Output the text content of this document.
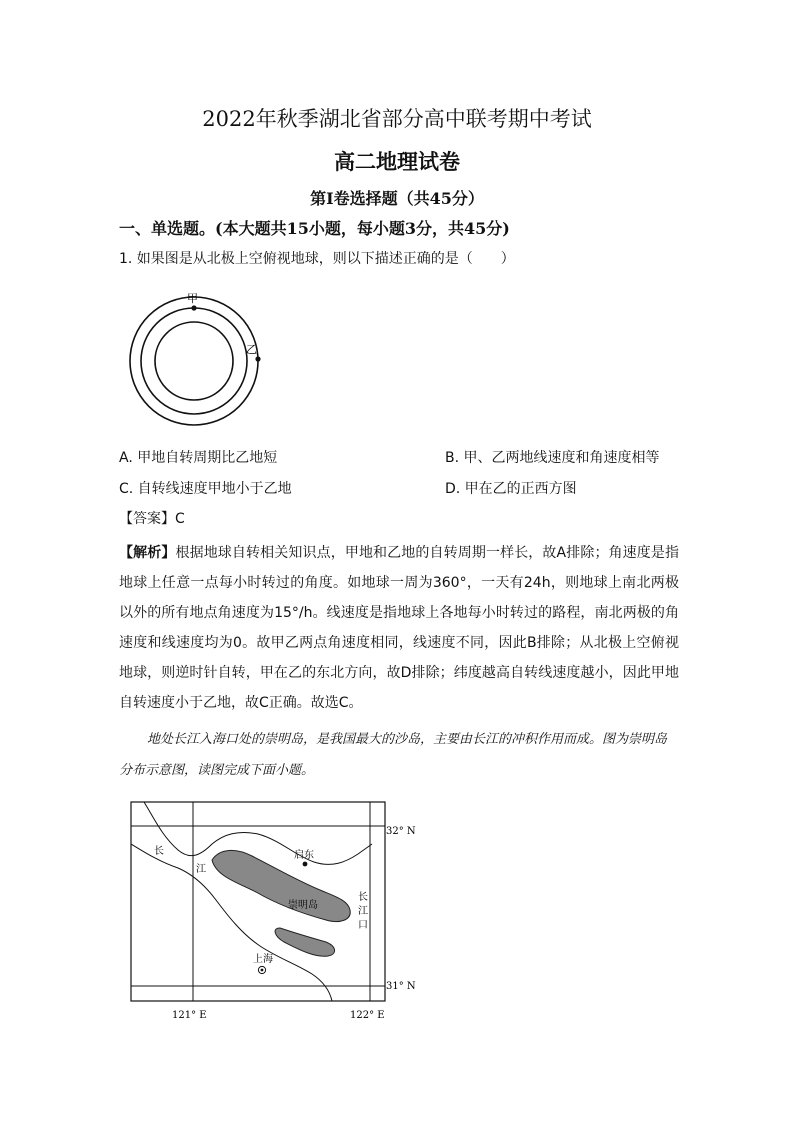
2022年秋季湖北省部分高中联考期中考试
高二地理试卷
第I卷选择题（共45分）
一、单选题。(本大题共15小题，每小题3分，共45分)
1. 如果图是从北极上空俯视地球，则以下描述正确的是（　　）
甲
乙
A. 甲地自转周期比乙地短	B. 甲、乙两地线速度和角速度相等
C. 自转线速度甲地小于乙地	D. 甲在乙的正西方图
【答案】C
【解析】根据地球自转相关知识点，甲地和乙地的自转周期一样长，故A排除；角速度是指地球上任意一点每小时转过的角度。如地球一周为360°，一天有24h，则地球上南北两极以外的所有地点角速度为15°/h。线速度是指地球上各地每小时转过的路程，南北两极的角速度和线速度均为0。故甲乙两点角速度相同，线速度不同，因此B排除；从北极上空俯视地球，则逆时针自转，甲在乙的东北方向，故D排除；纬度越高自转线速度越小，因此甲地自转速度小于乙地，故C正确。故选C。
地处长江入海口处的崇明岛，是我国最大的沙岛，主要由长江的冲积作用而成。图为崇明岛分布示意图，读图完成下面小题。
32° N
31° N
121° E	122° E
长
江
启东
崇明岛
长
江
口
上海
